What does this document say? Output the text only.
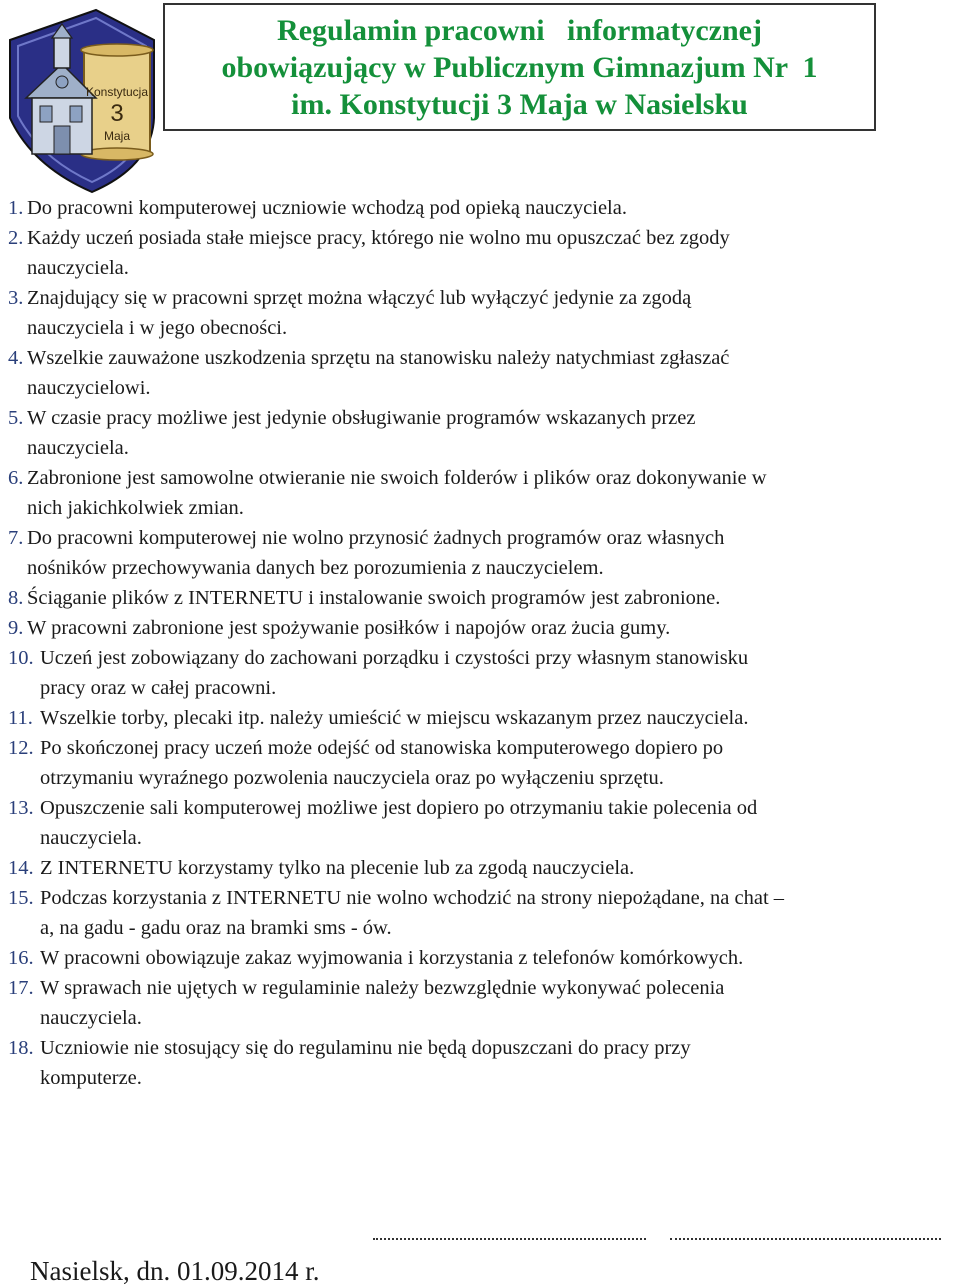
Konstytucja
3
Maja
Regulamin pracowni   informatycznej
obowiązujący w Publicznym Gimnazjum Nr  1
im. Konstytucji 3 Maja w Nasielsku
1.
Do pracowni komputerowej uczniowie wchodzą pod opieką nauczyciela.
2.
Każdy uczeń posiada stałe miejsce pracy, którego nie wolno mu opuszczać bez zgody
nauczyciela.
3.
Znajdujący się w pracowni sprzęt można włączyć lub wyłączyć jedynie za zgodą
nauczyciela i w jego obecności.
4.
Wszelkie zauważone uszkodzenia sprzętu na stanowisku należy natychmiast zgłaszać
nauczycielowi.
5.
W czasie pracy możliwe jest jedynie obsługiwanie programów wskazanych przez
nauczyciela.
6.
Zabronione jest samowolne otwieranie nie swoich folderów i plików oraz dokonywanie w
nich jakichkolwiek zmian.
7.
Do pracowni komputerowej nie wolno przynosić żadnych programów oraz własnych
nośników przechowywania danych bez porozumienia z nauczycielem.
8.
Ściąganie plików z INTERNETU i instalowanie swoich programów jest zabronione.
9.
W pracowni zabronione jest spożywanie posiłków i napojów oraz żucia gumy.
10. Uczeń jest zobowiązany do zachowani porządku i czystości przy własnym stanowisku
pracy oraz w całej pracowni.
11. Wszelkie torby, plecaki itp. należy umieścić w miejscu wskazanym przez nauczyciela.
12. Po skończonej pracy uczeń może odejść od stanowiska komputerowego dopiero po
otrzymaniu wyraźnego pozwolenia nauczyciela oraz po wyłączeniu sprzętu.
13. Opuszczenie sali komputerowej możliwe jest dopiero po otrzymaniu takie polecenia od
nauczyciela.
14. Z INTERNETU korzystamy tylko na plecenie lub za zgodą nauczyciela.
15. Podczas korzystania z INTERNETU nie wolno wchodzić na strony niepożądane, na chat –
a, na gadu - gadu oraz na bramki sms - ów.
16. W pracowni obowiązuje zakaz wyjmowania i korzystania z telefonów komórkowych.
17. W sprawach nie ujętych w regulaminie należy bezwzględnie wykonywać polecenia
nauczyciela.
18. Uczniowie nie stosujący się do regulaminu nie będą dopuszczani do pracy przy
komputerze.
Nasielsk, dn. 01.09.2014 r.
